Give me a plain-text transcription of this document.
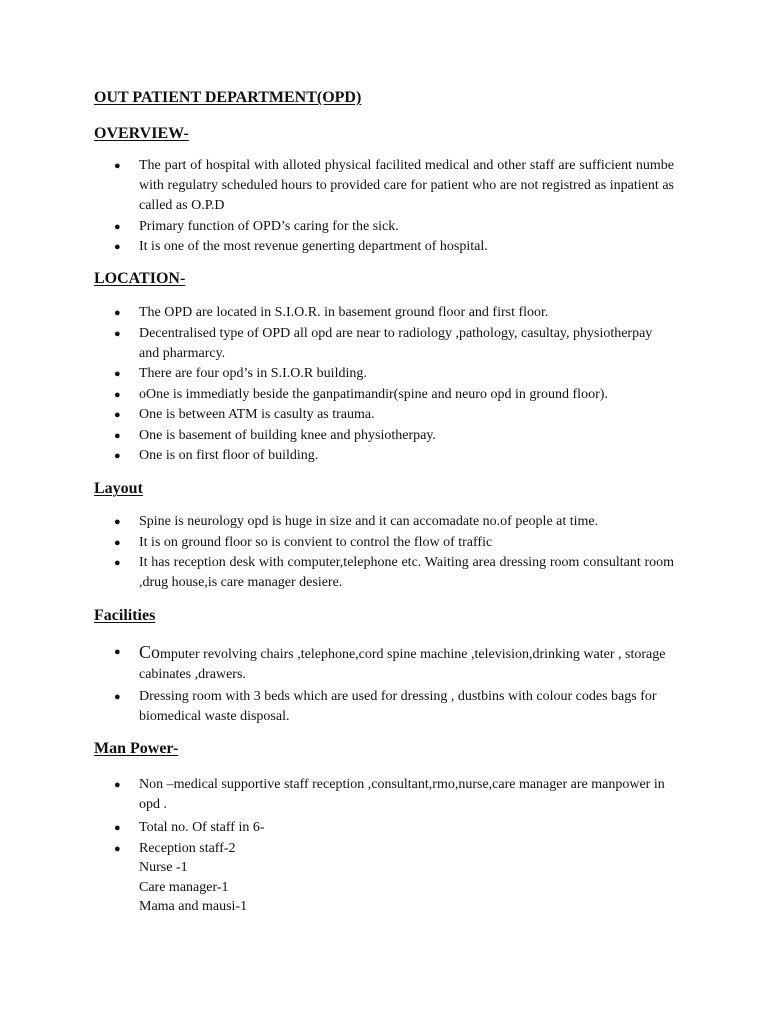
OUT PATIENT DEPARTMENT(OPD)
OVERVIEW-
● The part of hospital with alloted physical facilited medical and other staff are sufficient numbe with regulatry scheduled hours to provided care for patient who are not registred as inpatient as called as O.P.D
● Primary function of OPD’s caring for the sick.
● It is one of the most revenue generting department of hospital.
LOCATION-
● The OPD are located in S.I.O.R. in basement ground floor and first floor.
● Decentralised type of OPD all opd are near to radiology ,pathology, casultay, physiotherpay and pharmarcy.
● There are four opd’s in S.I.O.R building.
● oOne is immediatly beside the ganpatimandir(spine and neuro opd in ground floor).
● One is between ATM is casulty as trauma.
● One is basement of building knee and physiotherpay.
● One is on first floor of building.
Layout
● Spine is neurology opd is huge in size and it can accomadate no.of people at time.
● It is on ground floor so is convient to control the flow of traffic
● It has reception desk with computer,telephone etc. Waiting area dressing room consultant room ,drug house,is care manager desiere.
Facilities
● Computer revolving chairs ,telephone,cord spine machine ,television,drinking water , storage cabinates ,drawers.
● Dressing room with 3 beds which are used for dressing , dustbins with colour codes bags for biomedical waste disposal.
Man Power-
● Non –medical supportive staff reception ,consultant,rmo,nurse,care manager are manpower in opd .
● Total no. Of staff in 6-
● Reception staff-2
Nurse -1
Care manager-1
Mama and mausi-1
